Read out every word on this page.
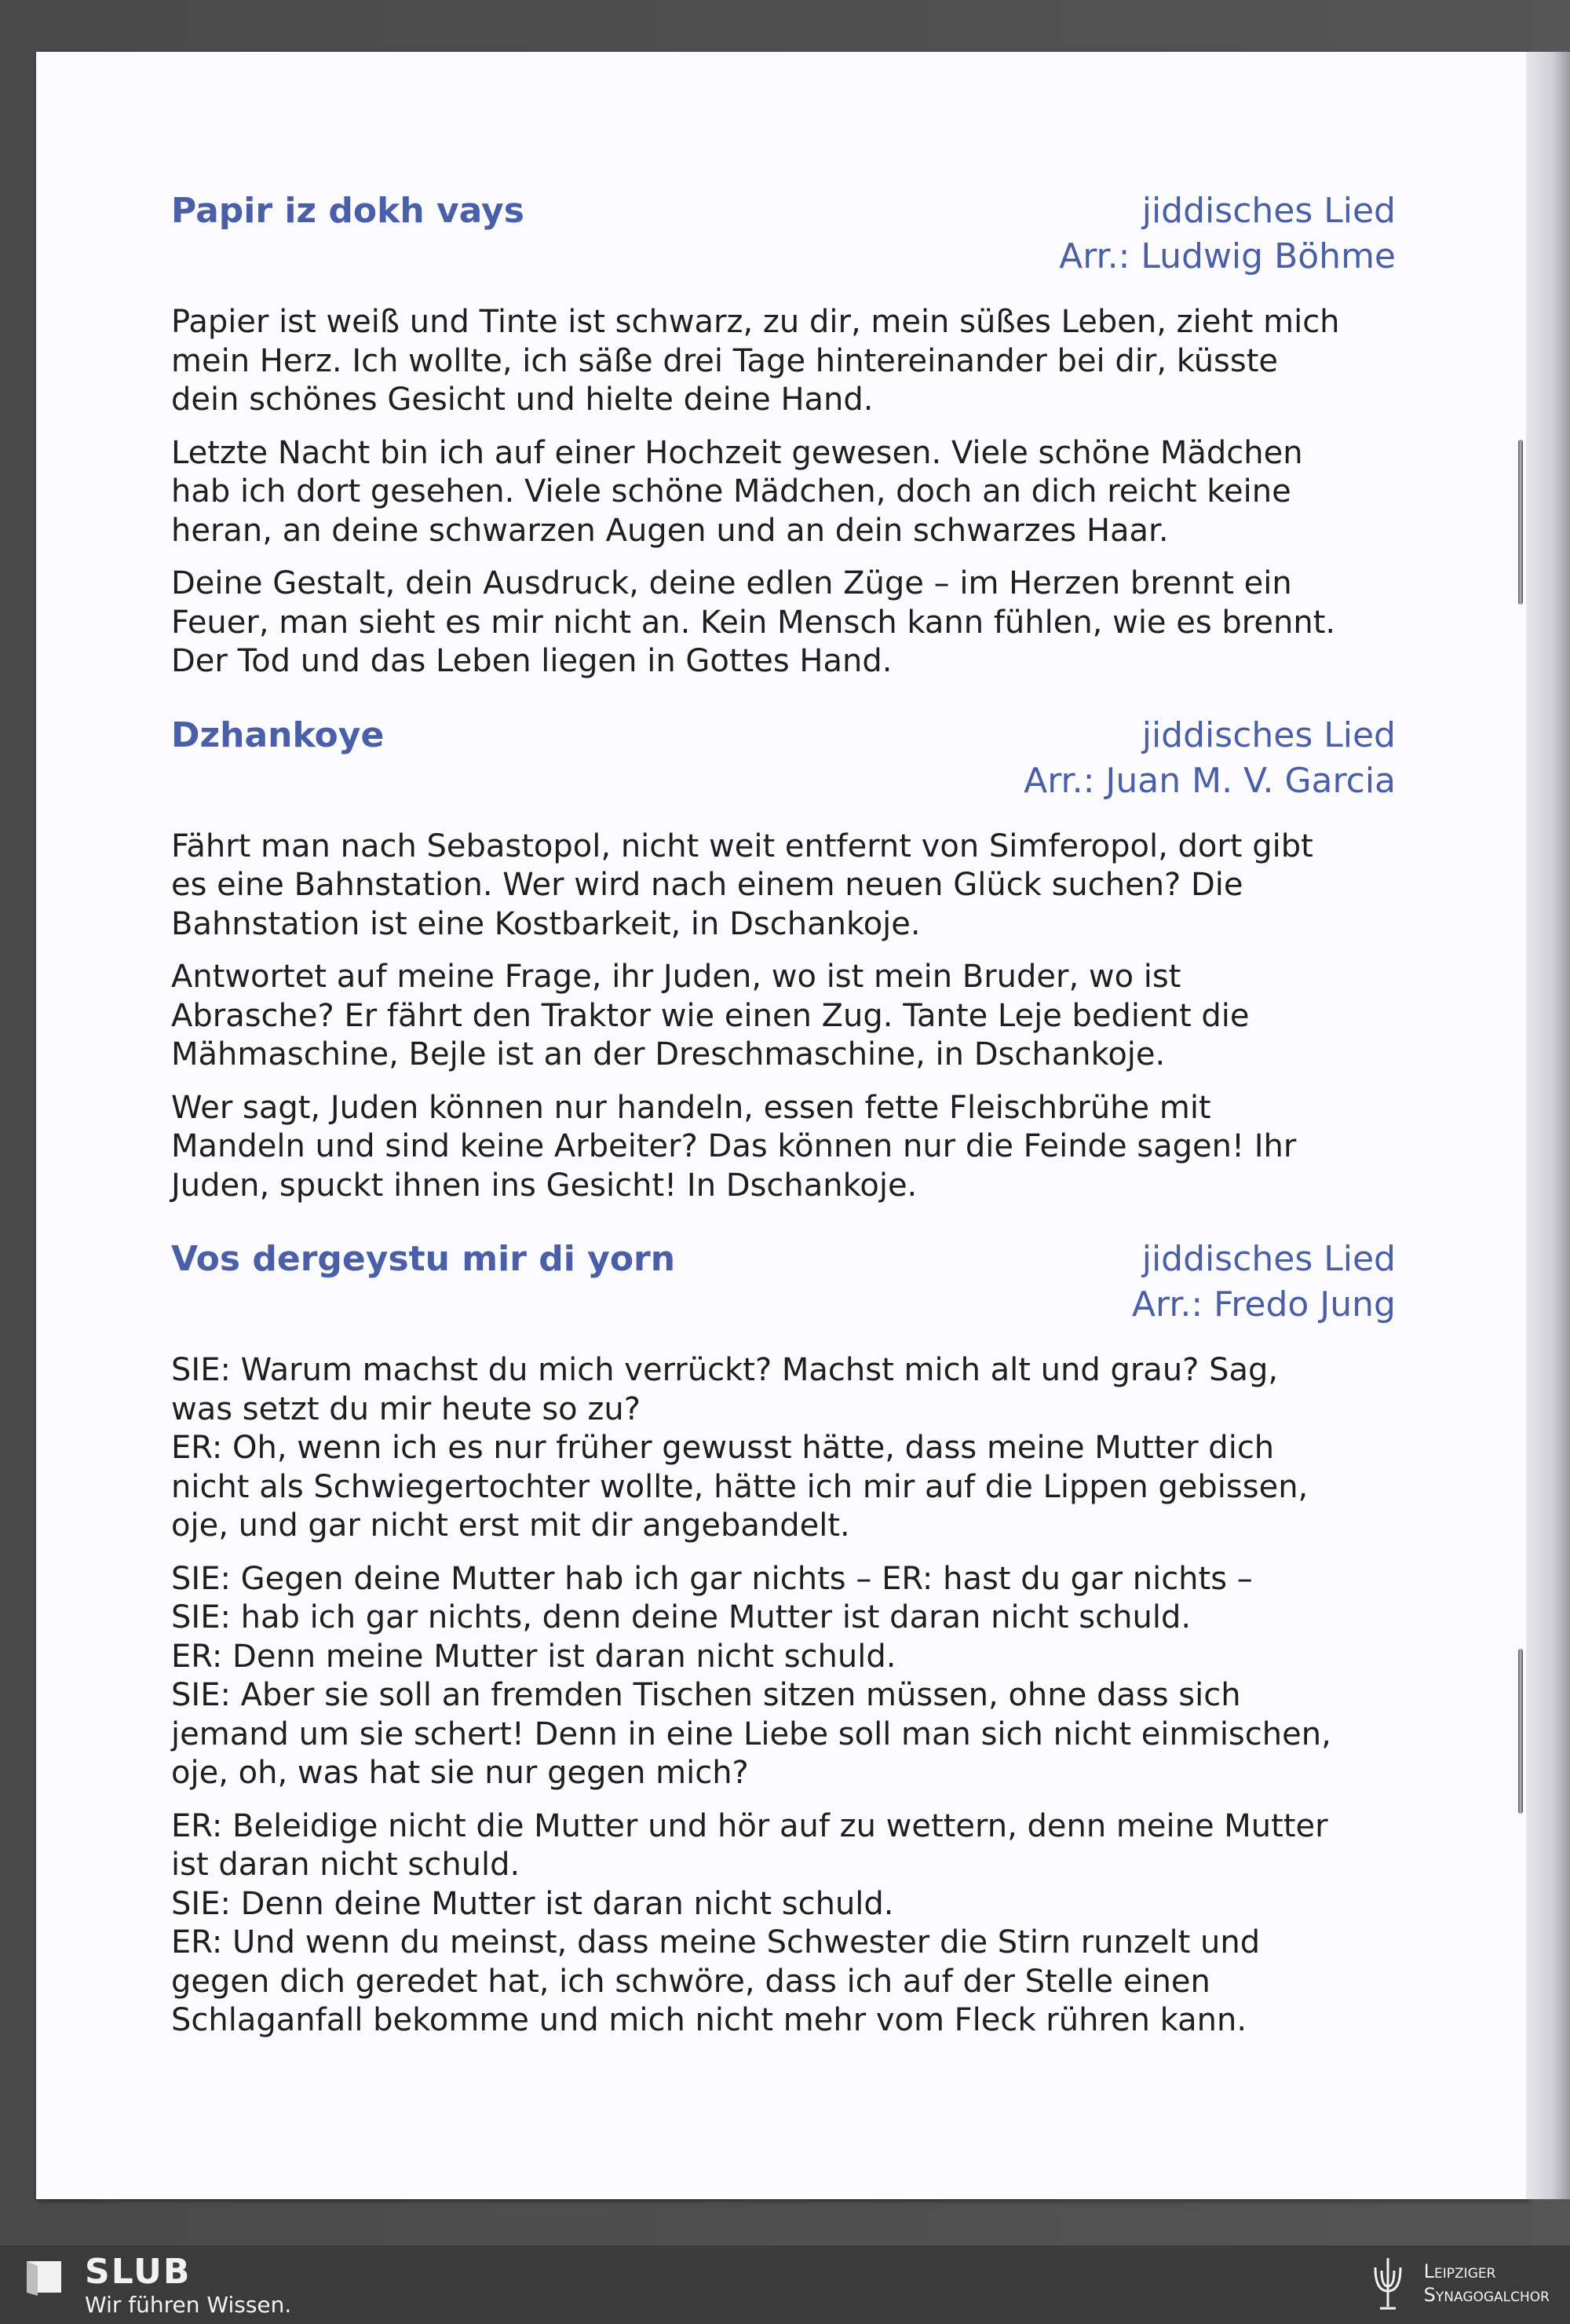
Papir iz dokh vays	jiddisches Lied
Arr.: Ludwig Böhme

Papier ist weiß und Tinte ist schwarz, zu dir, mein süßes Leben, zieht mich
mein Herz. Ich wollte, ich säße drei Tage hintereinander bei dir, küsste
dein schönes Gesicht und hielte deine Hand.

Letzte Nacht bin ich auf einer Hochzeit gewesen. Viele schöne Mädchen
hab ich dort gesehen. Viele schöne Mädchen, doch an dich reicht keine
heran, an deine schwarzen Augen und an dein schwarzes Haar.

Deine Gestalt, dein Ausdruck, deine edlen Züge – im Herzen brennt ein
Feuer, man sieht es mir nicht an. Kein Mensch kann fühlen, wie es brennt.
Der Tod und das Leben liegen in Gottes Hand.

Dzhankoye	jiddisches Lied
Arr.: Juan M. V. Garcia

Fährt man nach Sebastopol, nicht weit entfernt von Simferopol, dort gibt
es eine Bahnstation. Wer wird nach einem neuen Glück suchen? Die
Bahnstation ist eine Kostbarkeit, in Dschankoje.

Antwortet auf meine Frage, ihr Juden, wo ist mein Bruder, wo ist
Abrasche? Er fährt den Traktor wie einen Zug. Tante Leje bedient die
Mähmaschine, Bejle ist an der Dreschmaschine, in Dschankoje.

Wer sagt, Juden können nur handeln, essen fette Fleischbrühe mit
Mandeln und sind keine Arbeiter? Das können nur die Feinde sagen! Ihr
Juden, spuckt ihnen ins Gesicht! In Dschankoje.

Vos dergeystu mir di yorn	jiddisches Lied
Arr.: Fredo Jung

SIE: Warum machst du mich verrückt? Machst mich alt und grau? Sag,
was setzt du mir heute so zu?
ER: Oh, wenn ich es nur früher gewusst hätte, dass meine Mutter dich
nicht als Schwiegertochter wollte, hätte ich mir auf die Lippen gebissen,
oje, und gar nicht erst mit dir angebandelt.

SIE: Gegen deine Mutter hab ich gar nichts – ER: hast du gar nichts –
SIE: hab ich gar nichts, denn deine Mutter ist daran nicht schuld.
ER: Denn meine Mutter ist daran nicht schuld.
SIE: Aber sie soll an fremden Tischen sitzen müssen, ohne dass sich
jemand um sie schert! Denn in eine Liebe soll man sich nicht einmischen,
oje, oh, was hat sie nur gegen mich?

ER: Beleidige nicht die Mutter und hör auf zu wettern, denn meine Mutter
ist daran nicht schuld.
SIE: Denn deine Mutter ist daran nicht schuld.
ER: Und wenn du meinst, dass meine Schwester die Stirn runzelt und
gegen dich geredet hat, ich schwöre, dass ich auf der Stelle einen
Schlaganfall bekomme und mich nicht mehr vom Fleck rühren kann.

SLUB
Wir führen Wissen.
Leipziger
Synagogalchor
